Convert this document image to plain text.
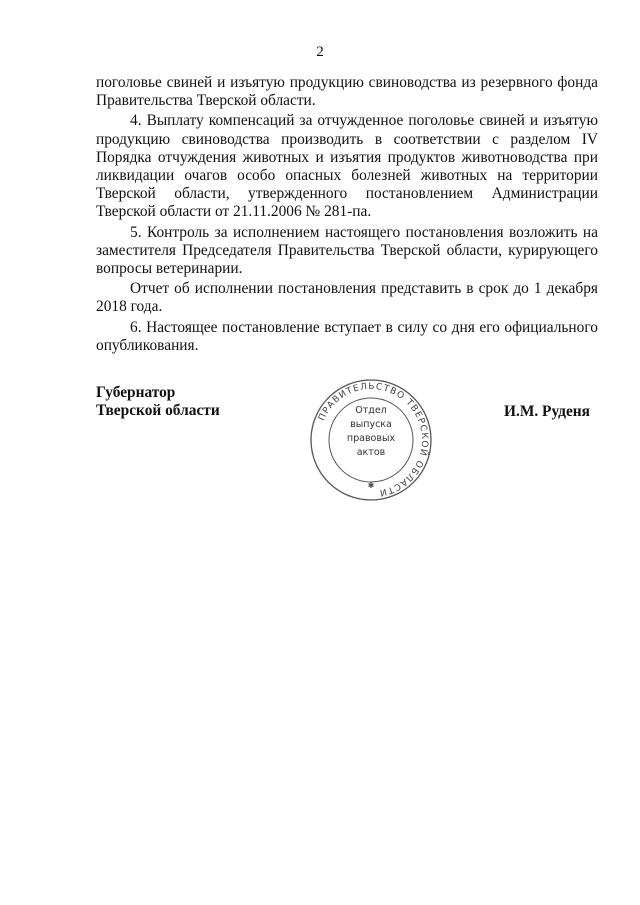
2

поголовье свиней и изъятую продукцию свиноводства из резервного фонда Правительства Тверской области.

4. Выплату компенсаций за отчужденное поголовье свиней и изъятую продукцию свиноводства производить в соответствии с разделом IV Порядка отчуждения животных и изъятия продуктов животноводства при ликвидации очагов особо опасных болезней животных на территории Тверской области, утвержденного постановлением Администрации Тверской области от 21.11.2006 № 281-па.

5. Контроль за исполнением настоящего постановления возложить на заместителя Председателя Правительства Тверской области, курирующего вопросы ветеринарии.

Отчет об исполнении постановления представить в срок до 1 декабря 2018 года.

6. Настоящее постановление вступает в силу со дня его официального опубликования.

Губернатор
Тверской области	И.М. Руденя
ПРАВИТЕЛЬСТВО ТВЕРСКОЙ ОБЛАСТИ
✱
Отдел
выпуска
правовых
актов
